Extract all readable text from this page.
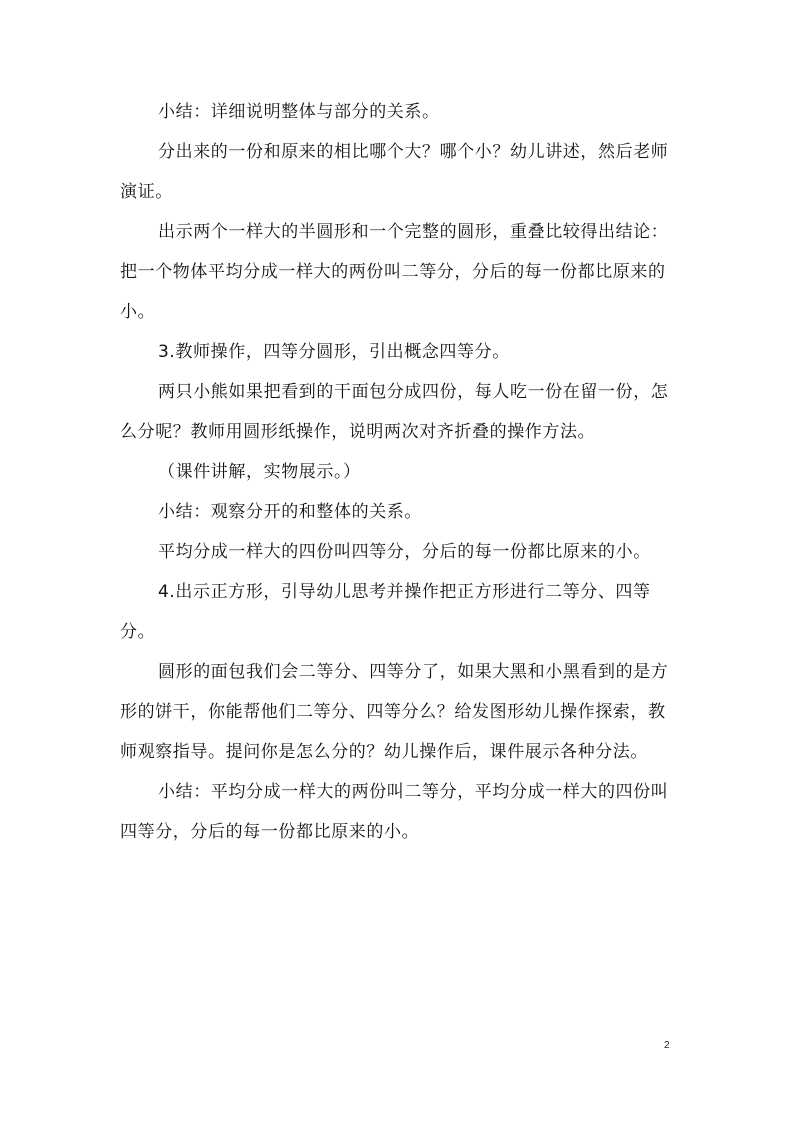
小结：详细说明整体与部分的关系。

分出来的一份和原来的相比哪个大？哪个小？幼儿讲述，然后老师演证。

出示两个一样大的半圆形和一个完整的圆形，重叠比较得出结论：把一个物体平均分成一样大的两份叫二等分，分后的每一份都比原来的小。

3.教师操作，四等分圆形，引出概念四等分。

两只小熊如果把看到的干面包分成四份，每人吃一份在留一份，怎么分呢？教师用圆形纸操作，说明两次对齐折叠的操作方法。

（课件讲解，实物展示。）

小结：观察分开的和整体的关系。

平均分成一样大的四份叫四等分，分后的每一份都比原来的小。

4.出示正方形，引导幼儿思考并操作把正方形进行二等分、四等分。

圆形的面包我们会二等分、四等分了，如果大黑和小黑看到的是方形的饼干，你能帮他们二等分、四等分么？给发图形幼儿操作探索，教师观察指导。提问你是怎么分的？幼儿操作后，课件展示各种分法。

小结：平均分成一样大的两份叫二等分，平均分成一样大的四份叫四等分，分后的每一份都比原来的小。

2
